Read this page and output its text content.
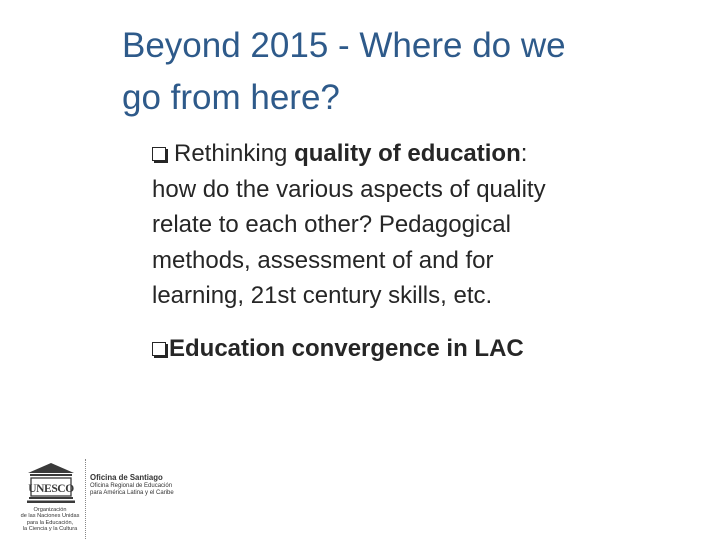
Beyond 2015 - Where do we
go from here?
Rethinking quality of education:
how do the various aspects of quality
relate to each other? Pedagogical
methods, assessment of and for
learning, 21st century skills, etc.
Education convergence in LAC
UNESCO
Organización
de las Naciones Unidas
para la Educación,
la Ciencia y la Cultura
Oficina de Santiago
Oficina Regional de Educación
para América Latina y el Caribe
